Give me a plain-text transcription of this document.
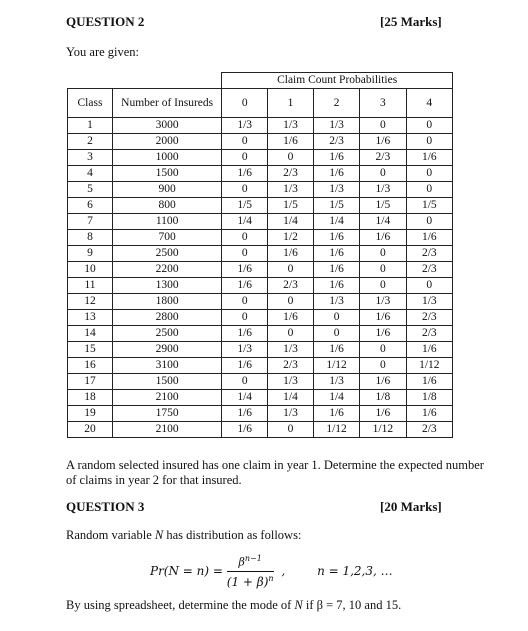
QUESTION 2	[25 Marks]
You are given:
		Claim Count Probabilities				
Class	Number of Insureds	0	1	2	3	4
1	3000	1/3	1/3	1/3	0	0
2	2000	0	1/6	2/3	1/6	0
3	1000	0	0	1/6	2/3	1/6
4	1500	1/6	2/3	1/6	0	0
5	900	0	1/3	1/3	1/3	0
6	800	1/5	1/5	1/5	1/5	1/5
7	1100	1/4	1/4	1/4	1/4	0
8	700	0	1/2	1/6	1/6	1/6
9	2500	0	1/6	1/6	0	2/3
10	2200	1/6	0	1/6	0	2/3
11	1300	1/6	2/3	1/6	0	0
12	1800	0	0	1/3	1/3	1/3
13	2800	0	1/6	0	1/6	2/3
14	2500	1/6	0	0	1/6	2/3
15	2900	1/3	1/3	1/6	0	1/6
16	3100	1/6	2/3	1/12	0	1/12
17	1500	0	1/3	1/3	1/6	1/6
18	2100	1/4	1/4	1/4	1/8	1/8
19	1750	1/6	1/3	1/6	1/6	1/6
20	2100	1/6	0	1/12	1/12	2/3
A random selected insured has one claim in year 1. Determine the expected number of claims in year 2 for that insured.
QUESTION 3	[20 Marks]
Random variable N has distribution as follows:
$Pr(N = n) = \frac{\beta^{n-1}}{(1 + \beta)^n}$ ,	n = 1,2,3, …
By using spreadsheet, determine the mode of N if β = 7, 10 and 15.
